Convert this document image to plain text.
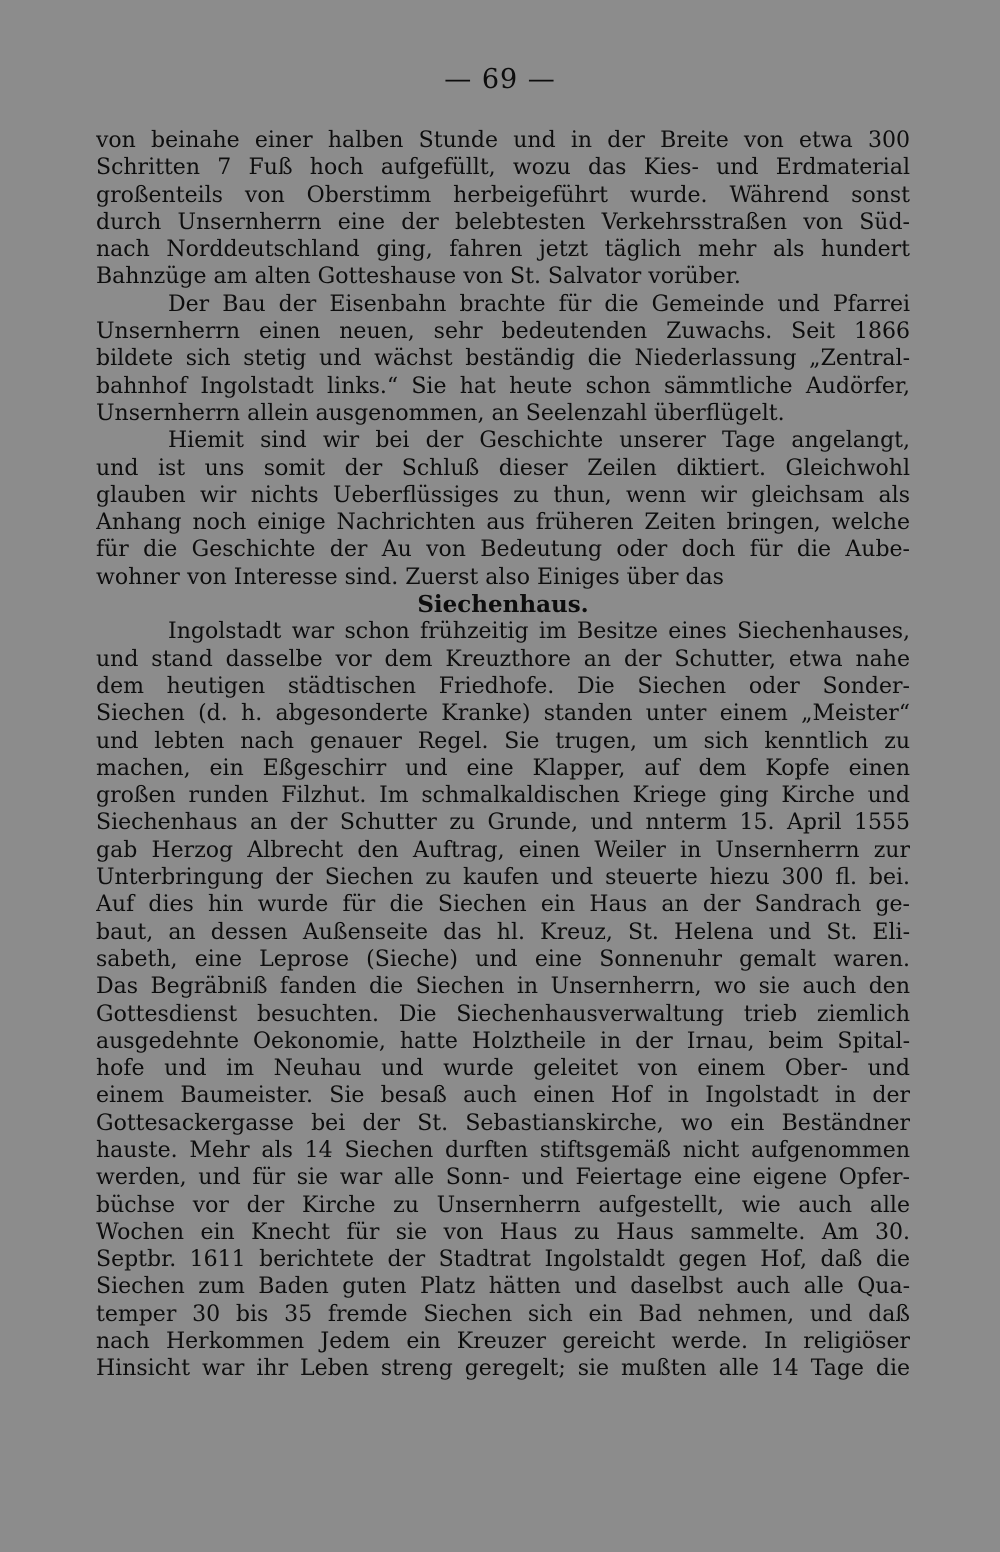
— 69 —
von beinahe einer halben Stunde und in der Breite von etwa 300
Schritten 7 Fuß hoch aufgefüllt, wozu das Kies- und Erdmaterial
großenteils von Oberstimm herbeigeführt wurde. Während sonst
durch Unsernherrn eine der belebtesten Verkehrsstraßen von Süd-
nach Norddeutschland ging, fahren jetzt täglich mehr als hundert
Bahnzüge am alten Gotteshause von St. Salvator vorüber.
Der Bau der Eisenbahn brachte für die Gemeinde und Pfarrei
Unsernherrn einen neuen, sehr bedeutenden Zuwachs. Seit 1866
bildete sich stetig und wächst beständig die Niederlassung „Zentral-
bahnhof Ingolstadt links.“ Sie hat heute schon sämmtliche Audörfer,
Unsernherrn allein ausgenommen, an Seelenzahl überflügelt.
Hiemit sind wir bei der Geschichte unserer Tage angelangt,
und ist uns somit der Schluß dieser Zeilen diktiert. Gleichwohl
glauben wir nichts Ueberflüssiges zu thun, wenn wir gleichsam als
Anhang noch einige Nachrichten aus früheren Zeiten bringen, welche
für die Geschichte der Au von Bedeutung oder doch für die Aube-
wohner von Interesse sind. Zuerst also Einiges über das
Siechenhaus.
Ingolstadt war schon frühzeitig im Besitze eines Siechenhauses,
und stand dasselbe vor dem Kreuzthore an der Schutter, etwa nahe
dem heutigen städtischen Friedhofe. Die Siechen oder Sonder-
Siechen (d. h. abgesonderte Kranke) standen unter einem „Meister“
und lebten nach genauer Regel. Sie trugen, um sich kenntlich zu
machen, ein Eßgeschirr und eine Klapper, auf dem Kopfe einen
großen runden Filzhut. Im schmalkaldischen Kriege ging Kirche und
Siechenhaus an der Schutter zu Grunde, und nnterm 15. April 1555
gab Herzog Albrecht den Auftrag, einen Weiler in Unsernherrn zur
Unterbringung der Siechen zu kaufen und steuerte hiezu 300 fl. bei.
Auf dies hin wurde für die Siechen ein Haus an der Sandrach ge-
baut, an dessen Außenseite das hl. Kreuz, St. Helena und St. Eli-
sabeth, eine Leprose (Sieche) und eine Sonnenuhr gemalt waren.
Das Begräbniß fanden die Siechen in Unsernherrn, wo sie auch den
Gottesdienst besuchten. Die Siechenhausverwaltung trieb ziemlich
ausgedehnte Oekonomie, hatte Holztheile in der Irnau, beim Spital-
hofe und im Neuhau und wurde geleitet von einem Ober- und
einem Baumeister. Sie besaß auch einen Hof in Ingolstadt in der
Gottesackergasse bei der St. Sebastianskirche, wo ein Beständner
hauste. Mehr als 14 Siechen durften stiftsgemäß nicht aufgenommen
werden, und für sie war alle Sonn- und Feiertage eine eigene Opfer-
büchse vor der Kirche zu Unsernherrn aufgestellt, wie auch alle
Wochen ein Knecht für sie von Haus zu Haus sammelte. Am 30.
Septbr. 1611 berichtete der Stadtrat Ingolstaldt gegen Hof, daß die
Siechen zum Baden guten Platz hätten und daselbst auch alle Qua-
temper 30 bis 35 fremde Siechen sich ein Bad nehmen, und daß
nach Herkommen Jedem ein Kreuzer gereicht werde. In religiöser
Hinsicht war ihr Leben streng geregelt; sie mußten alle 14 Tage die
